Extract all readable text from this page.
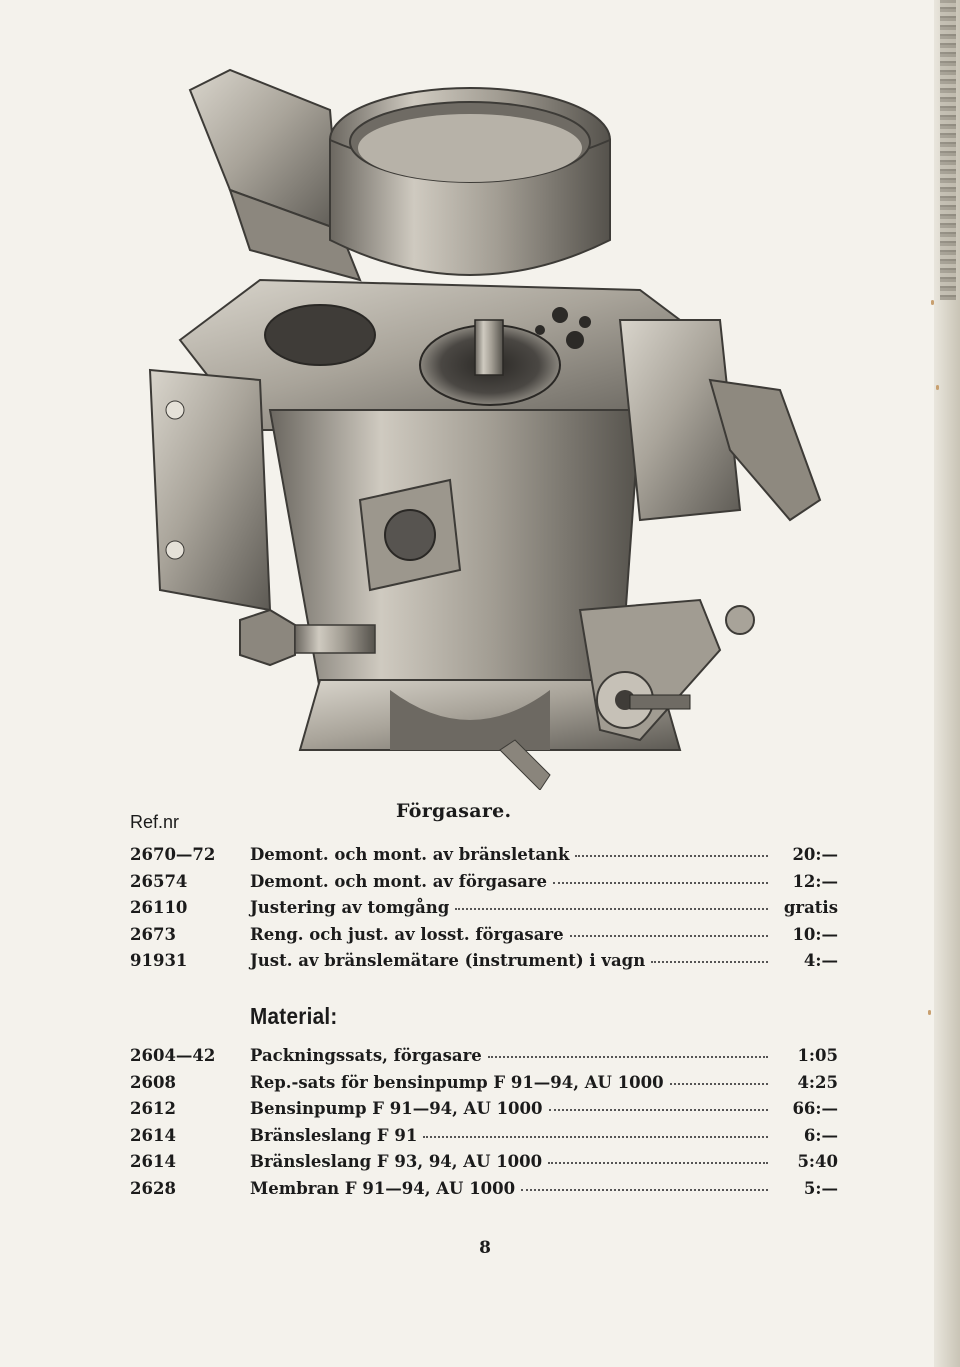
Förgasare.
Ref.nr
2670—72	Demont. och mont. av bränsletank	20:—
26574	Demont. och mont. av förgasare	12:—
26110	Justering av tomgång	gratis
2673	Reng. och just. av losst. förgasare	10:—
91931	Just. av bränslemätare (instrument) i vagn	4:—
Material:
2604—42	Packningssats, förgasare	1:05
2608	Rep.-sats för bensinpump F 91—94, AU 1000	4:25
2612	Bensinpump F 91—94, AU 1000	66:—
2614	Bränsleslang F 91	6:—
2614	Bränsleslang F 93, 94, AU 1000	5:40
2628	Membran F 91—94, AU 1000	5:—
8
